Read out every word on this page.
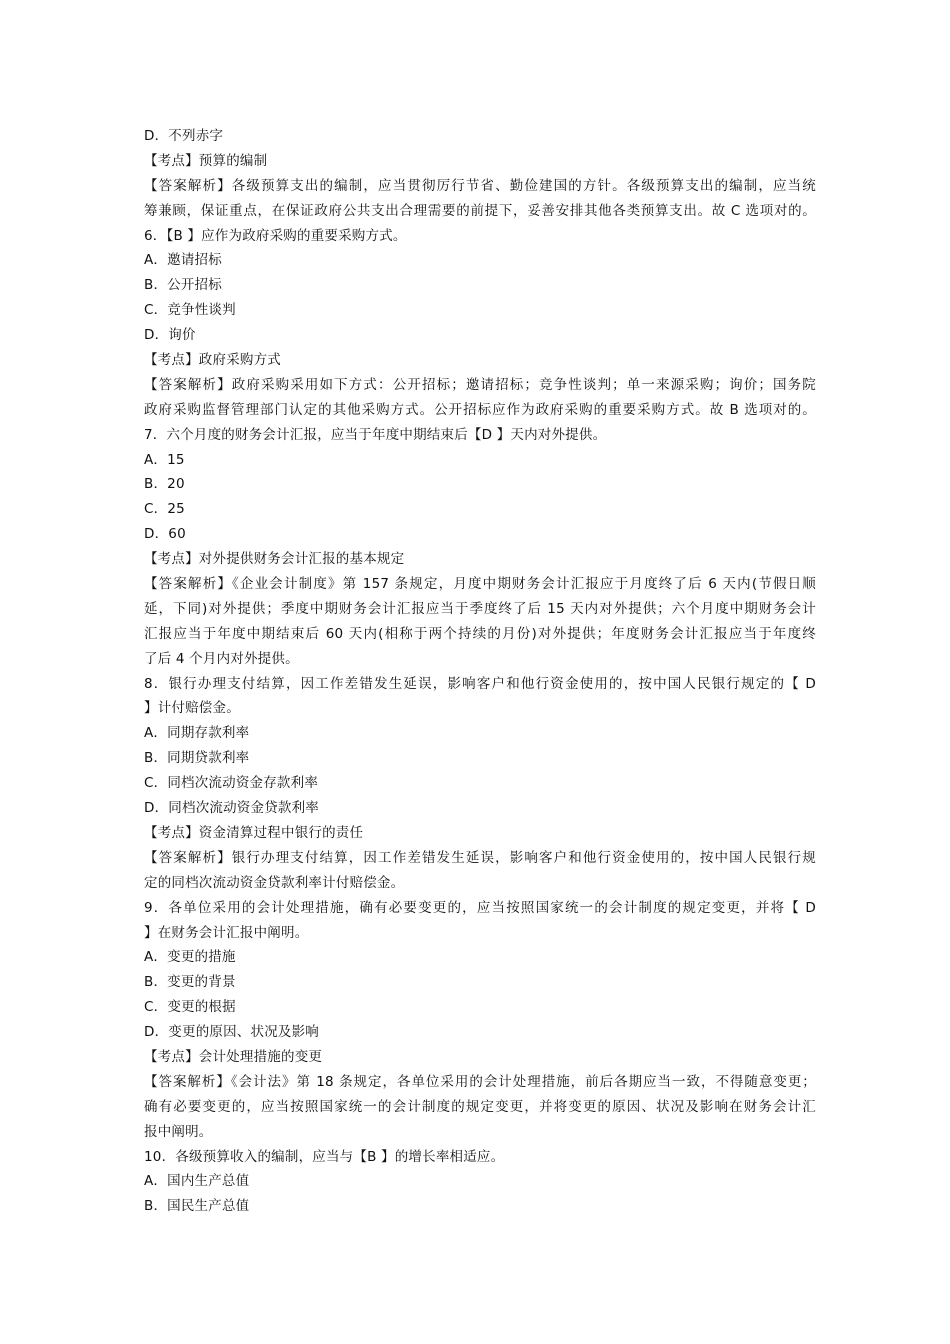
D．不列赤字
【考点】预算的编制
【答案解析】各级预算支出的编制，应当贯彻厉行节省、勤俭建国的方针。各级预算支出的编制，应当统
筹兼顾，保证重点，在保证政府公共支出合理需要的前提下，妥善安排其他各类预算支出。故 C 选项对的。
6．【B 】应作为政府采购的重要采购方式。
A．邀请招标
B．公开招标
C．竞争性谈判
D．询价
【考点】政府采购方式
【答案解析】政府采购采用如下方式：公开招标；邀请招标；竞争性谈判；单一来源采购；询价；国务院
政府采购监督管理部门认定的其他采购方式。公开招标应作为政府采购的重要采购方式。故 B 选项对的。
7．六个月度的财务会计汇报，应当于年度中期结束后【D 】天内对外提供。
A．15
B．20
C．25
D．60
【考点】对外提供财务会计汇报的基本规定
【答案解析】《企业会计制度》第 157 条规定，月度中期财务会计汇报应于月度终了后 6 天内(节假日顺
延，下同)对外提供；季度中期财务会计汇报应当于季度终了后 15 天内对外提供；六个月度中期财务会计
汇报应当于年度中期结束后 60 天内(相称于两个持续的月份)对外提供；年度财务会计汇报应当于年度终
了后 4 个月内对外提供。
8．银行办理支付结算，因工作差错发生延误，影响客户和他行资金使用的，按中国人民银行规定的【 D
】计付赔偿金。
A．同期存款利率
B．同期贷款利率
C．同档次流动资金存款利率
D．同档次流动资金贷款利率
【考点】资金清算过程中银行的责任
【答案解析】银行办理支付结算，因工作差错发生延误，影响客户和他行资金使用的，按中国人民银行规
定的同档次流动资金贷款利率计付赔偿金。
9．各单位采用的会计处理措施，确有必要变更的，应当按照国家统一的会计制度的规定变更，并将【 D
】在财务会计汇报中阐明。
A．变更的措施
B．变更的背景
C．变更的根据
D．变更的原因、状况及影响
【考点】会计处理措施的变更
【答案解析】《会计法》第 18 条规定，各单位采用的会计处理措施，前后各期应当一致，不得随意变更；
确有必要变更的，应当按照国家统一的会计制度的规定变更，并将变更的原因、状况及影响在财务会计汇
报中阐明。
10．各级预算收入的编制，应当与【B 】的增长率相适应。
A．国内生产总值
B．国民生产总值
